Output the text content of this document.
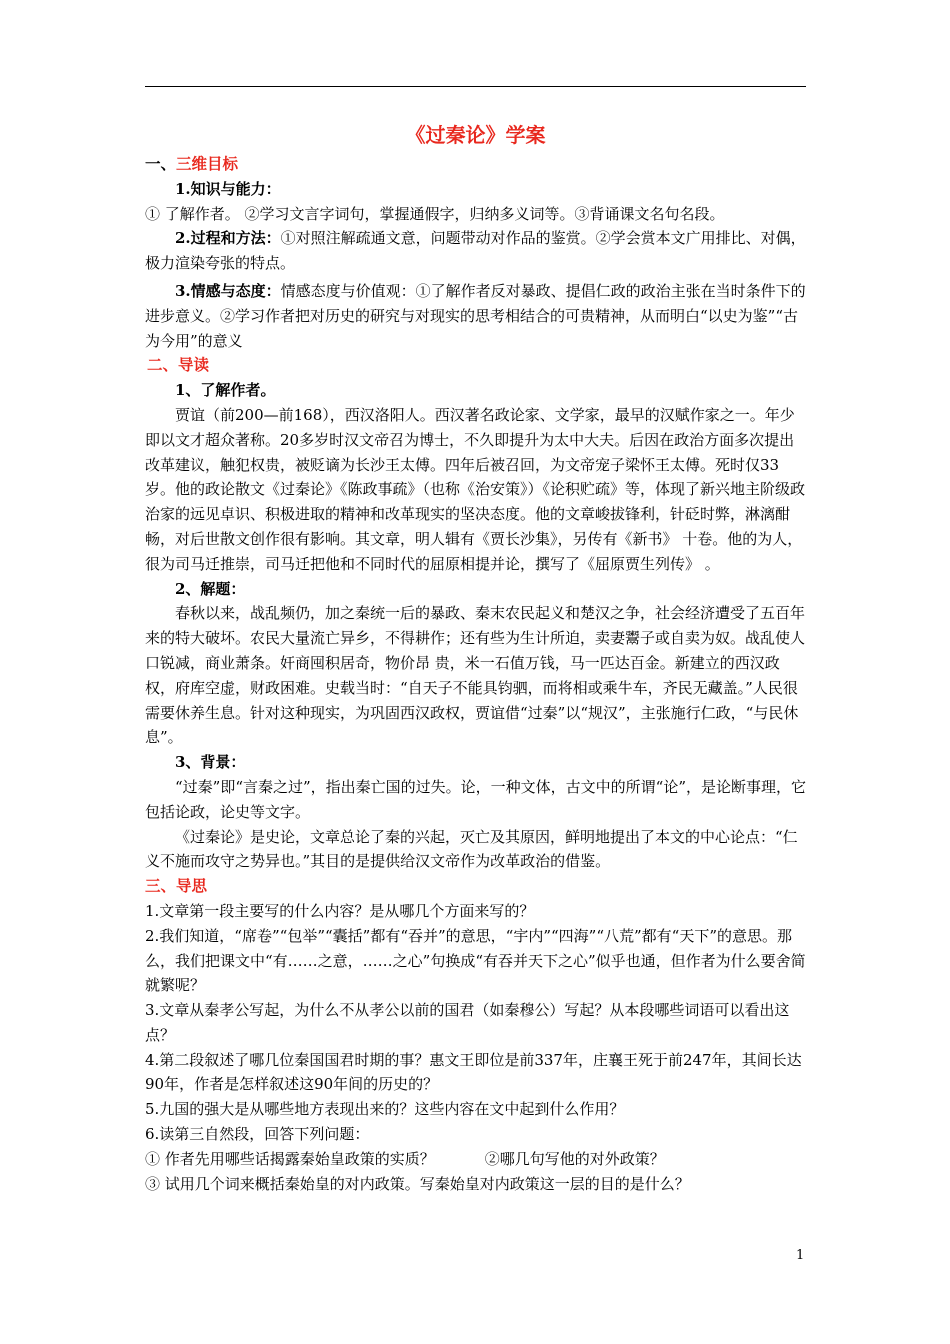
《过秦论》学案
一、三维目标

1.知识与能力：

① 了解作者。 ②学习文言字词句，掌握通假字，归纳多义词等。③背诵课文名句名段。

2.过程和方法：①对照注解疏通文意，问题带动对作品的鉴赏。②学会赏本文广用排比、对偶，极力渲染夸张的特点。

3.情感与态度：情感态度与价值观：①了解作者反对暴政、提倡仁政的政治主张在当时条件下的进步意义。②学习作者把对历史的研究与对现实的思考相结合的可贵精神，从而明白“以史为鉴”“古为今用”的意义

二、导读

1、了解作者。

贾谊（前200—前168），西汉洛阳人。西汉著名政论家、文学家，最早的汉赋作家之一。年少即以文才超众著称。20多岁时汉文帝召为博士，不久即提升为太中大夫。后因在政治方面多次提出改革建议，触犯权贵，被贬谪为长沙王太傅。四年后被召回，为文帝宠子梁怀王太傅。死时仅33岁。他的政论散文《过秦论》《陈政事疏》（也称《治安策》）《论积贮疏》等，体现了新兴地主阶级政治家的远见卓识、积极进取的精神和改革现实的坚决态度。他的文章峻拔锋利，针砭时弊，淋漓酣畅，对后世散文创作很有影响。其文章，明人辑有《贾长沙集》，另传有《新书》 十卷。他的为人，很为司马迁推崇，司马迁把他和不同时代的屈原相提并论，撰写了《屈原贾生列传》 。

2、解题：

春秋以来，战乱频仍，加之秦统一后的暴政、秦末农民起义和楚汉之争，社会经济遭受了五百年来的特大破坏。农民大量流亡异乡，不得耕作；还有些为生计所迫，卖妻鬻子或自卖为奴。战乱使人口锐减，商业萧条。奸商囤积居奇，物价昂 贵，米一石值万钱，马一匹达百金。新建立的西汉政权，府库空虚，财政困难。史载当时：“自天子不能具钧驷，而将相或乘牛车，齐民无藏盖。”人民很需要休养生息。针对这种现实，为巩固西汉政权，贾谊借“过秦”以“规汉”，主张施行仁政，“与民休息”。

3、背景：

“过秦”即“言秦之过”，指出秦亡国的过失。论，一种文体，古文中的所谓“论”，是论断事理，它包括论政，论史等文字。

《过秦论》是史论，文章总论了秦的兴起，灭亡及其原因，鲜明地提出了本文的中心论点：“仁义不施而攻守之势异也。”其目的是提供给汉文帝作为改革政治的借鉴。

三、导思

1.文章第一段主要写的什么内容？是从哪几个方面来写的？

2.我们知道，“席卷”“包举”“囊括”都有“吞并”的意思，“宇内”“四海”“八荒”都有“天下”的意思。那么，我们把课文中“有……之意，……之心”句换成“有吞并天下之心”似乎也通，但作者为什么要舍简就繁呢？

3.文章从秦孝公写起，为什么不从孝公以前的国君（如秦穆公）写起？从本段哪些词语可以看出这点？

4.第二段叙述了哪几位秦国国君时期的事？惠文王即位是前337年，庄襄王死于前247年，其间长达90年，作者是怎样叙述这90年间的历史的？

5.九国的强大是从哪些地方表现出来的？这些内容在文中起到什么作用？

6.读第三自然段，回答下列问题：

① 作者先用哪些话揭露秦始皇政策的实质？	②哪几句写他的对外政策？

③ 试用几个词来概括秦始皇的对内政策。写秦始皇对内政策这一层的目的是什么？

1
